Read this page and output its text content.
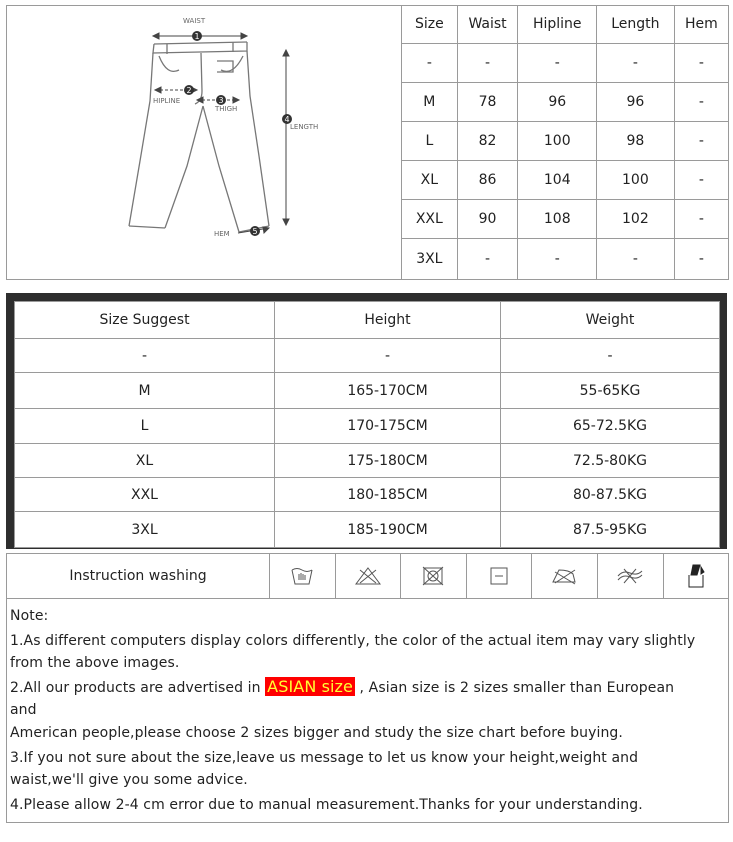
1
2
3
4
5
WAIST
HIPLINE
THIGH
LENGTH
HEM
Size	Waist	Hipline	Length	Hem
-	-	-	-	-
M	78	96	96	-
L	82	100	98	-
XL	86	104	100	-
XXL	90	108	102	-
3XL	-	-	-	-
Size Suggest	Height	Weight
-	-	-
M	165-170CM	55-65KG
L	170-175CM	65-72.5KG
XL	175-180CM	72.5-80KG
XXL	180-185CM	80-87.5KG
3XL	185-190CM	87.5-95KG
Instruction washing
Note:
1.As different computers display colors differently, the color of the actual item may vary slightly
from the above images.
2.All our products are advertised in ASIAN size , Asian size is 2 sizes smaller than European
and
American people,please choose 2 sizes bigger and study the size chart before buying.
3.If you not sure about the size,leave us message to let us know your height,weight and
waist,we'll give you some advice.
4.Please allow 2-4 cm error due to manual measurement.Thanks for your understanding.
